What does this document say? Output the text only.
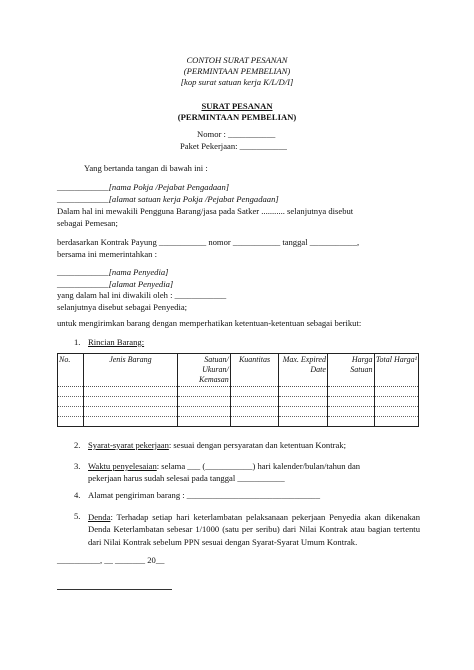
CONTOH SURAT PESANAN
(PERMINTAAN PEMBELIAN)
[kop surat satuan kerja K/L/D/I]
SURAT PESANAN
(PERMINTAAN PEMBELIAN)
Nomor : ___________
Paket Pekerjaan: ___________
Yang bertanda tangan di bawah ini :
____________[nama Pokja /Pejabat Pengadaan]
____________[alamat satuan kerja Pokja /Pejabat Pengadaan]
Dalam hal ini mewakili Pengguna Barang/jasa pada Satker ........... selanjutnya disebut
sebagai Pemesan;
berdasarkan Kontrak Payung ___________ nomor ___________ tanggal ___________,
bersama ini memerintahkan :
____________[nama Penyedia]
____________[alamat Penyedia]
yang dalam hal ini diwakili oleh : ____________
selanjutnya disebut sebagai Penyedia;
untuk mengirimkan barang dengan memperhatikan ketentuan-ketentuan sebagai berikut:
1. Rincian Barang:
No.	Jenis Barang	Satuan/ Ukuran/ Kemasan	Kuantitas	Max. Expired Date	Harga Satuan	Total Harga¹

2. Syarat-syarat pekerjaan: sesuai dengan persyaratan dan ketentuan Kontrak;
3. Waktu penyelesaian: selama ___ (___________) hari kalender/bulan/tahun dan
pekerjaan harus sudah selesai pada tanggal ___________
4. Alamat pengiriman barang : _______________________________
5. Denda: Terhadap setiap hari keterlambatan pelaksanaan pekerjaan Penyedia akan dikenakan Denda Keterlambatan sebesar 1/1000 (satu per seribu) dari Nilai Kontrak atau bagian tertentu dari Nilai Kontrak sebelum PPN sesuai dengan Syarat-Syarat Umum Kontrak.
__________, __ _______ 20__
